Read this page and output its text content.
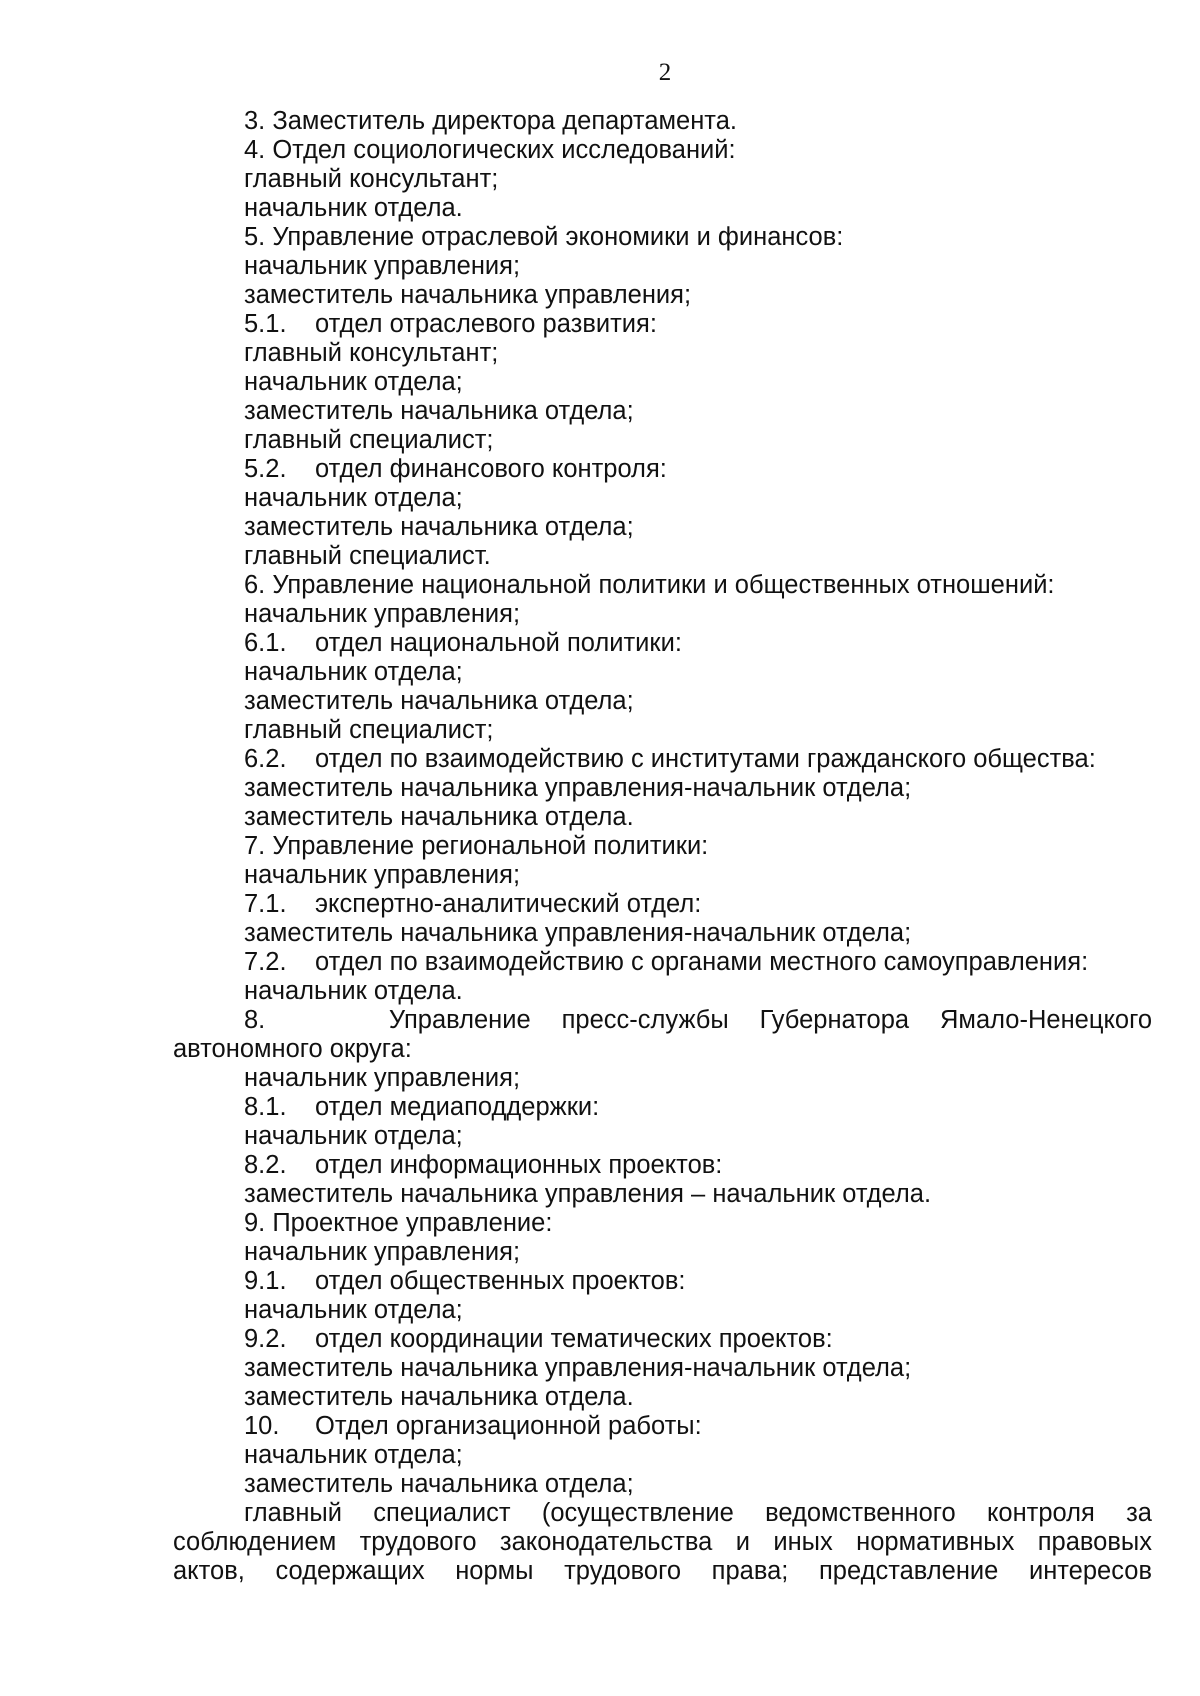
2
3. Заместитель директора департамента.
4. Отдел социологических исследований:
главный консультант;
начальник отдела.
5. Управление отраслевой экономики и финансов:
начальник управления;
заместитель начальника управления;
5.1. отдел отраслевого развития:
главный консультант;
начальник отдела;
заместитель начальника отдела;
главный специалист;
5.2. отдел финансового контроля:
начальник отдела;
заместитель начальника отдела;
главный специалист.
6. Управление национальной политики и общественных отношений:
начальник управления;
6.1. отдел национальной политики:
начальник отдела;
заместитель начальника отдела;
главный специалист;
6.2. отдел по взаимодействию с институтами гражданского общества:
заместитель начальника управления-начальник отдела;
заместитель начальника отдела.
7. Управление региональной политики:
начальник управления;
7.1. экспертно-аналитический отдел:
заместитель начальника управления-начальник отдела;
7.2. отдел по взаимодействию с органами местного самоуправления:
начальник отдела.
8.    Управление пресс-службы Губернатора Ямало-Ненецкого
автономного округа:
начальник управления;
8.1. отдел медиаподдержки:
начальник отдела;
8.2. отдел информационных проектов:
заместитель начальника управления – начальник отдела.
9. Проектное управление:
начальник управления;
9.1. отдел общественных проектов:
начальник отдела;
9.2. отдел координации тематических проектов:
заместитель начальника управления-начальник отдела;
заместитель начальника отдела.
10. Отдел организационной работы:
начальник отдела;
заместитель начальника отдела;
главный специалист (осуществление ведомственного контроля за
соблюдением трудового законодательства и иных нормативных правовых
актов, содержащих нормы трудового права; представление интересов
